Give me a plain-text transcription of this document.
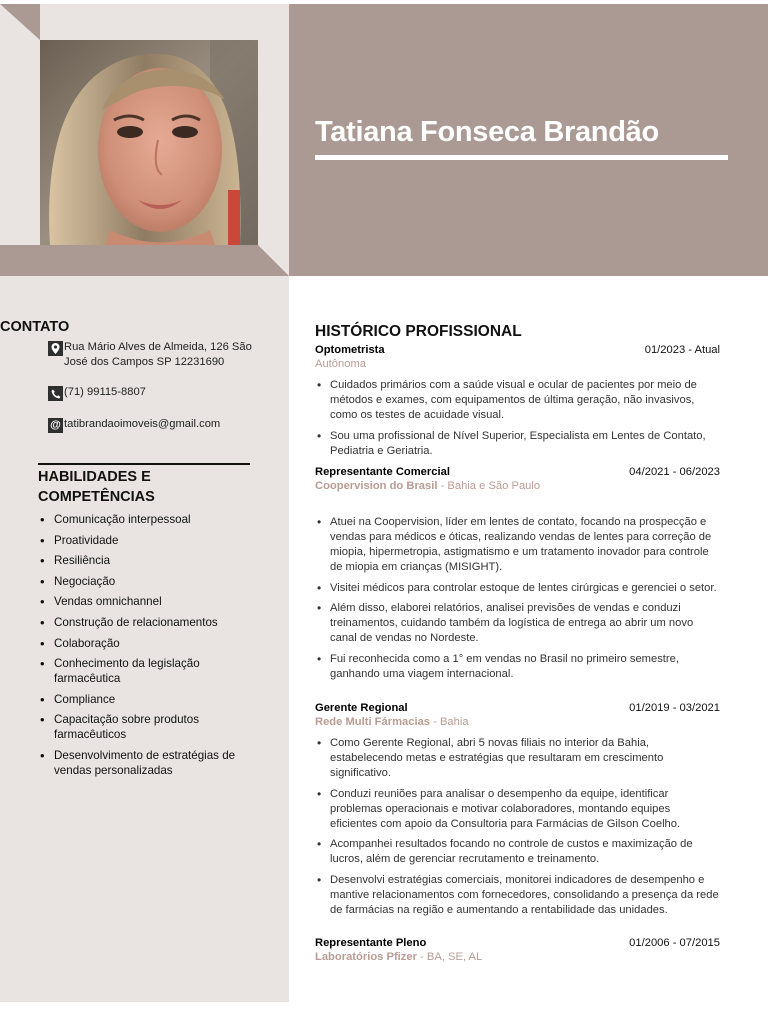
Tatiana Fonseca Brandão
CONTATO
Rua Mário Alves de Almeida, 126 São José dos Campos SP 12231690
(71) 99115-8807
@ tatibrandaoimoveis@gmail.com
HABILIDADES E COMPETÊNCIAS
• Comunicação interpessoal
• Proatividade
• Resiliência
• Negociação
• Vendas omnichannel
• Construção de relacionamentos
• Colaboração
• Conhecimento da legislação farmacêutica
• Compliance
• Capacitação sobre produtos farmacêuticos
• Desenvolvimento de estratégias de vendas personalizadas
HISTÓRICO PROFISSIONAL
Optometrista	01/2023 - Atual
Autônoma
• Cuidados primários com a saúde visual e ocular de pacientes por meio de métodos e exames, com equipamentos de última geração, não invasivos, como os testes de acuidade visual.
• Sou uma profissional de Nível Superior, Especialista em Lentes de Contato, Pediatria e Geriatria.
Representante Comercial	04/2021 - 06/2023
Coopervision do Brasil - Bahia e São Paulo
• Atuei na Coopervision, líder em lentes de contato, focando na prospecção e vendas para médicos e óticas, realizando vendas de lentes para correção de miopia, hipermetropia, astigmatismo e um tratamento inovador para controle de miopia em crianças (MISIGHT).
• Visitei médicos para controlar estoque de lentes cirúrgicas e gerenciei o setor.
• Além disso, elaborei relatórios, analisei previsões de vendas e conduzi treinamentos, cuidando também da logística de entrega ao abrir um novo canal de vendas no Nordeste.
• Fui reconhecida como a 1° em vendas no Brasil no primeiro semestre, ganhando uma viagem internacional.
Gerente Regional	01/2019 - 03/2021
Rede Multi Fármacias - Bahia
• Como Gerente Regional, abri 5 novas filiais no interior da Bahia, estabelecendo metas e estratégias que resultaram em crescimento significativo.
• Conduzi reuniões para analisar o desempenho da equipe, identificar problemas operacionais e motivar colaboradores, montando equipes eficientes com apoio da Consultoria para Farmácias de Gilson Coelho.
• Acompanhei resultados focando no controle de custos e maximização de lucros, além de gerenciar recrutamento e treinamento.
• Desenvolvi estratégias comerciais, monitorei indicadores de desempenho e mantive relacionamentos com fornecedores, consolidando a presença da rede de farmácias na região e aumentando a rentabilidade das unidades.
Representante Pleno	01/2006 - 07/2015
Laboratórios Pfizer - BA, SE, AL
